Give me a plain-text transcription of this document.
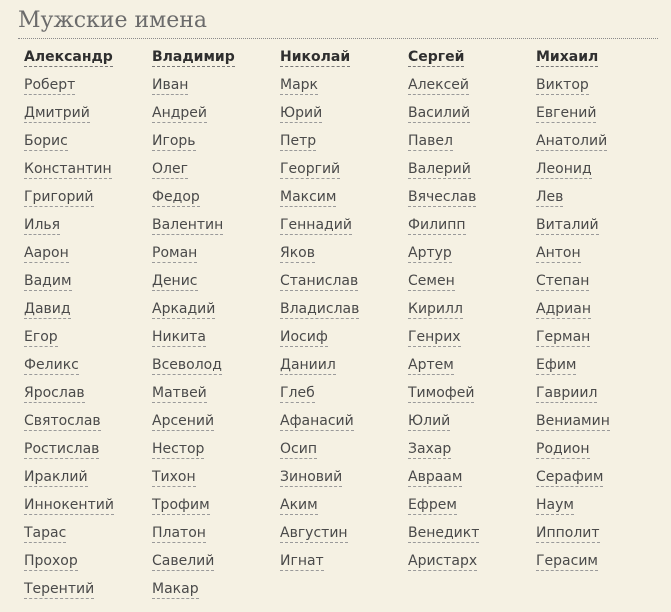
Мужские имена
Александр
Роберт
Дмитрий
Борис
Константин
Григорий
Илья
Аарон
Вадим
Давид
Егор
Феликс
Ярослав
Святослав
Ростислав
Ираклий
Иннокентий
Тарас
Прохор
Терентий
Владимир
Иван
Андрей
Игорь
Олег
Федор
Валентин
Роман
Денис
Аркадий
Никита
Всеволод
Матвей
Арсений
Нестор
Тихон
Трофим
Платон
Савелий
Макар
Николай
Марк
Юрий
Петр
Георгий
Максим
Геннадий
Яков
Станислав
Владислав
Иосиф
Даниил
Глеб
Афанасий
Осип
Зиновий
Аким
Августин
Игнат
Сергей
Алексей
Василий
Павел
Валерий
Вячеслав
Филипп
Артур
Семен
Кирилл
Генрих
Артем
Тимофей
Юлий
Захар
Авраам
Ефрем
Венедикт
Аристарх
Михаил
Виктор
Евгений
Анатолий
Леонид
Лев
Виталий
Антон
Степан
Адриан
Герман
Ефим
Гавриил
Вениамин
Родион
Серафим
Наум
Ипполит
Герасим
